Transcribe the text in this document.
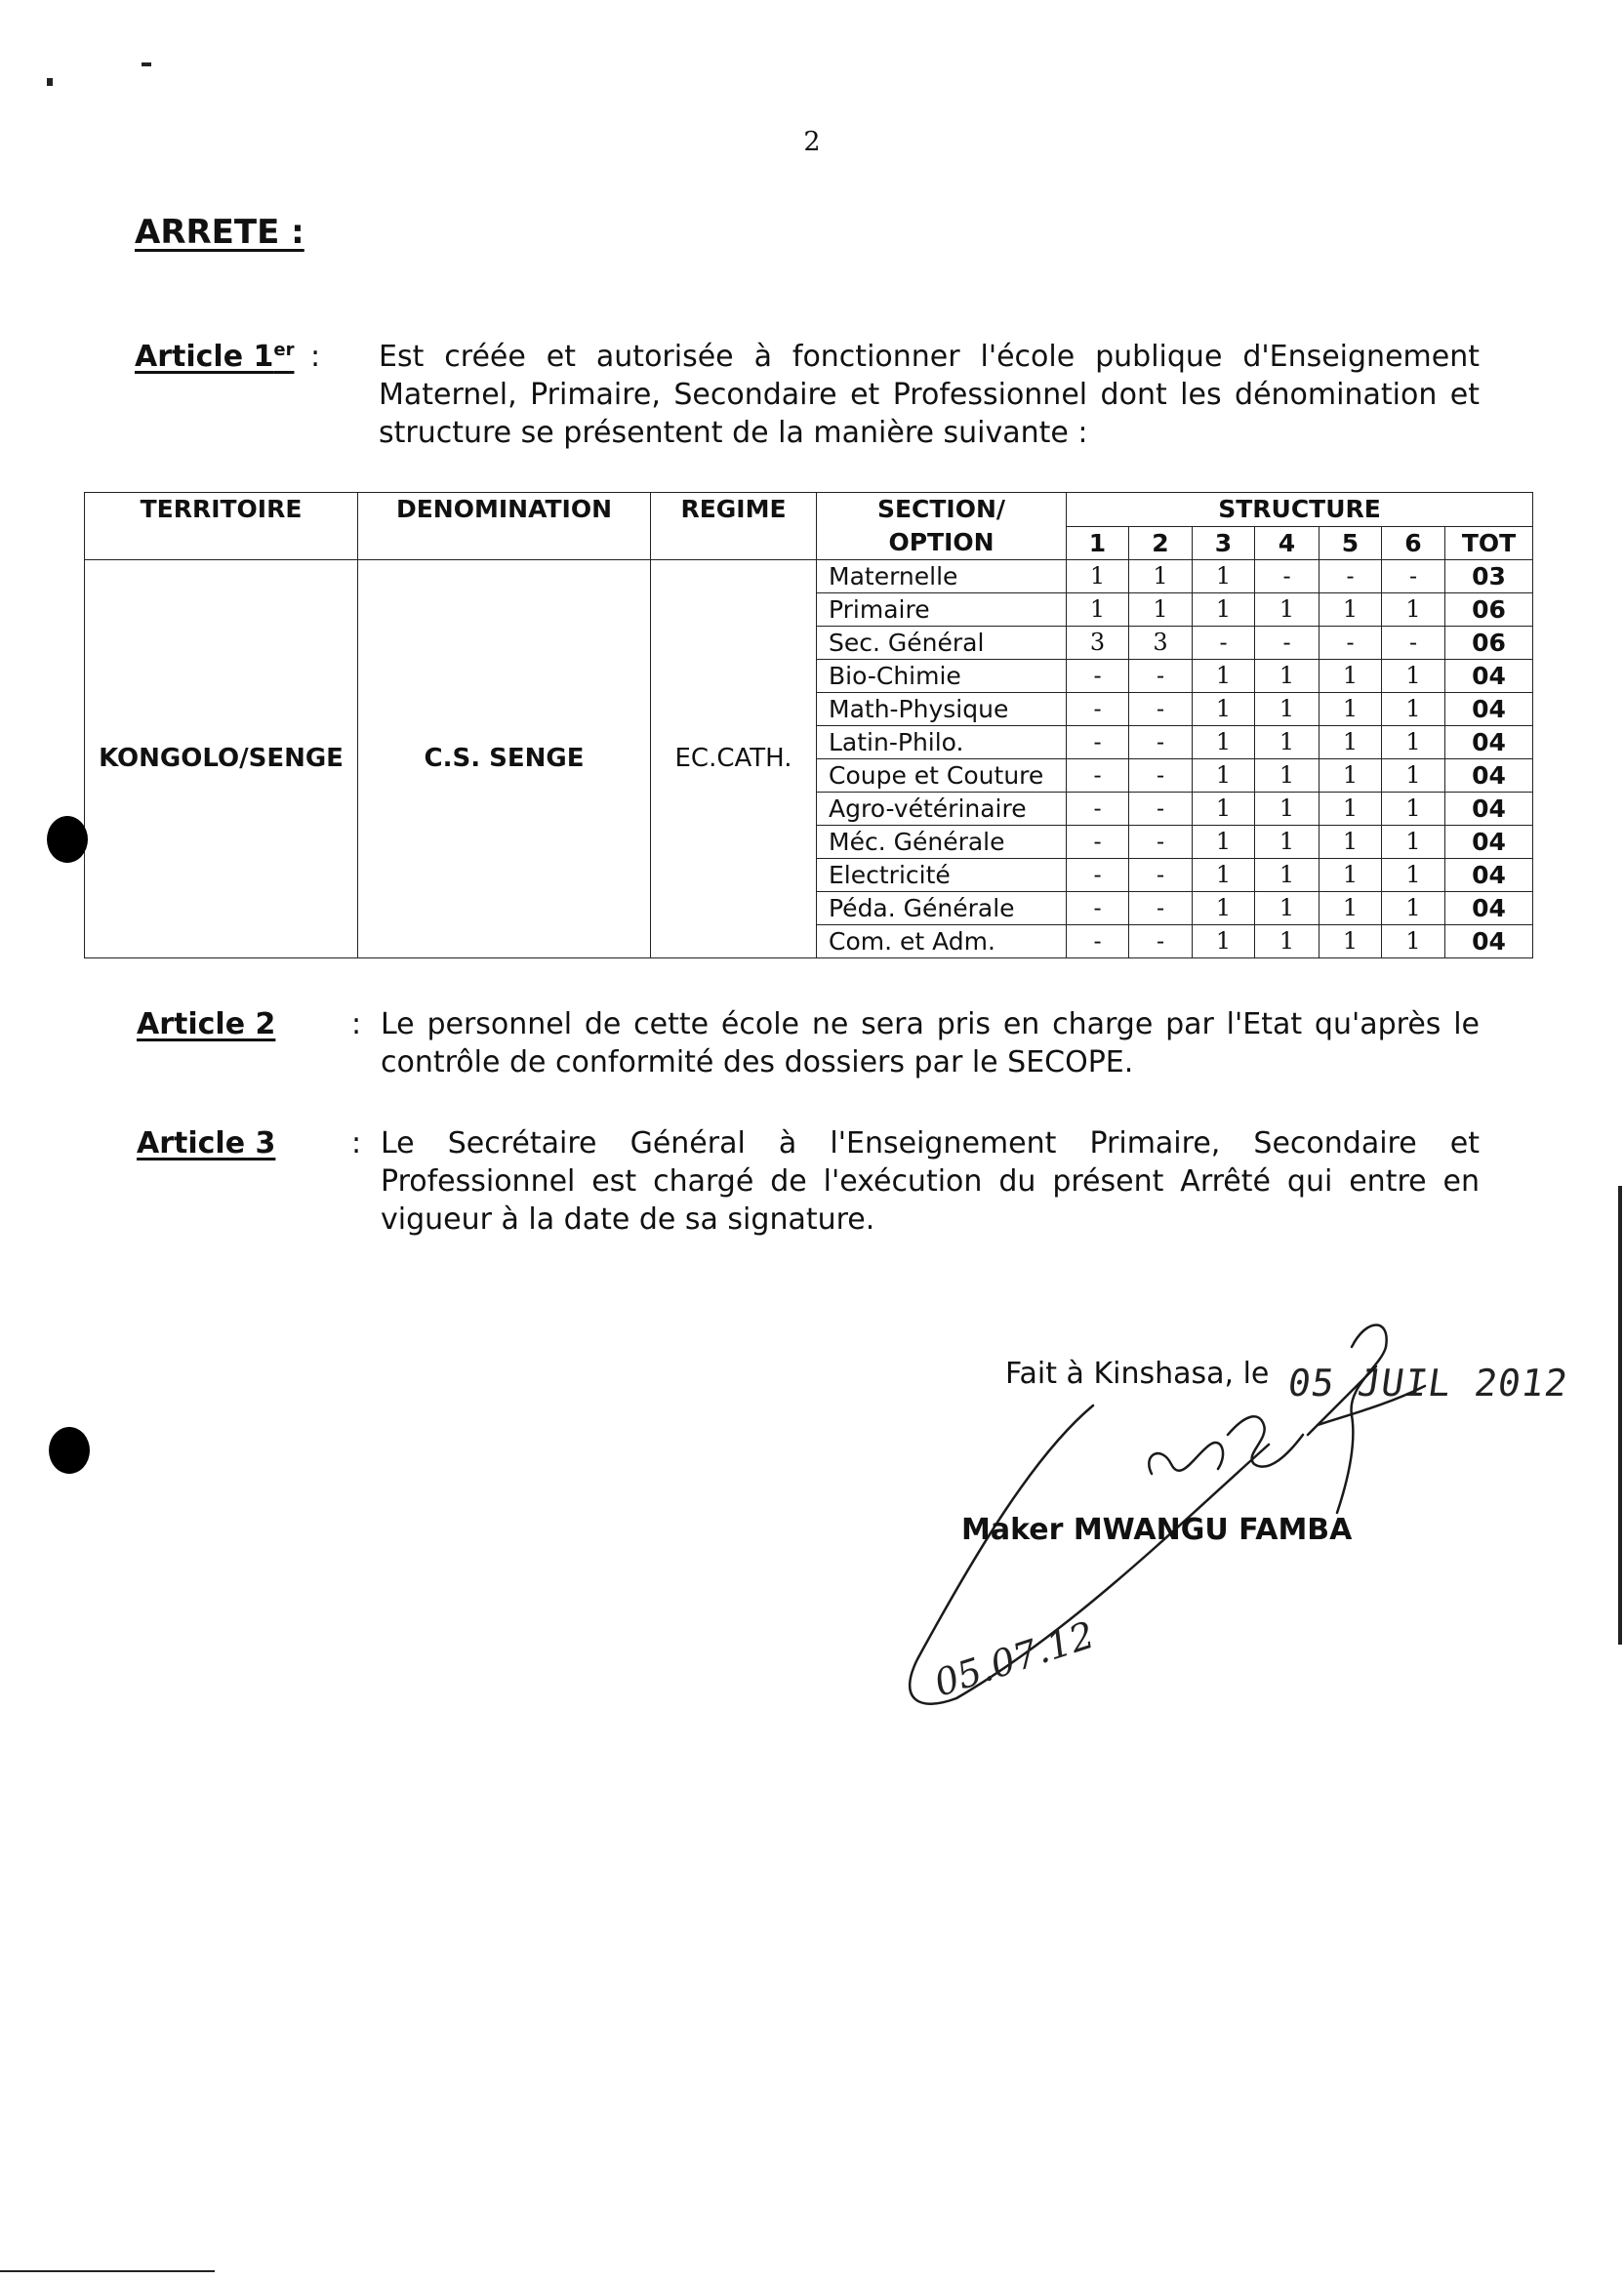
2
ARRETE :
Article 1er : Est créée et autorisée à fonctionner l'école publique d'Enseignement

Maternel, Primaire, Secondaire et Professionnel dont les dénomination et

structure se présentent de la manière suivante :

TERRITOIRE	DENOMINATION	REGIME	SECTION/
OPTION	STRUCTURE						
				1	2	3	4	5	6	TOT
KONGOLO/SENGE	C.S. SENGE	EC.CATH.	Maternelle	1	1	1	-	-	-	03
			Primaire	1	1	1	1	1	1	06
			Sec. Général	3	3	-	-	-	-	06
			Bio-Chimie	-	-	1	1	1	1	04
			Math-Physique	-	-	1	1	1	1	04
			Latin-Philo.	-	-	1	1	1	1	04
			Coupe et Couture	-	-	1	1	1	1	04
			Agro-vétérinaire	-	-	1	1	1	1	04
			Méc. Générale	-	-	1	1	1	1	04
			Electricité	-	-	1	1	1	1	04
			Péda. Générale	-	-	1	1	1	1	04
			Com. et Adm.	-	-	1	1	1	1	04
Article 2	: Le personnel de cette école ne sera pris en charge par l'Etat qu'après le

contrôle de conformité des dossiers par le SECOPE.

Article 3	: Le Secrétaire Général à l'Enseignement Primaire, Secondaire et

Professionnel est chargé de l'exécution du présent Arrêté qui entre en

vigueur à la date de sa signature.

Fait à Kinshasa, le 05 JUIL 2012
Maker MWANGU FAMBA
05.07.12
